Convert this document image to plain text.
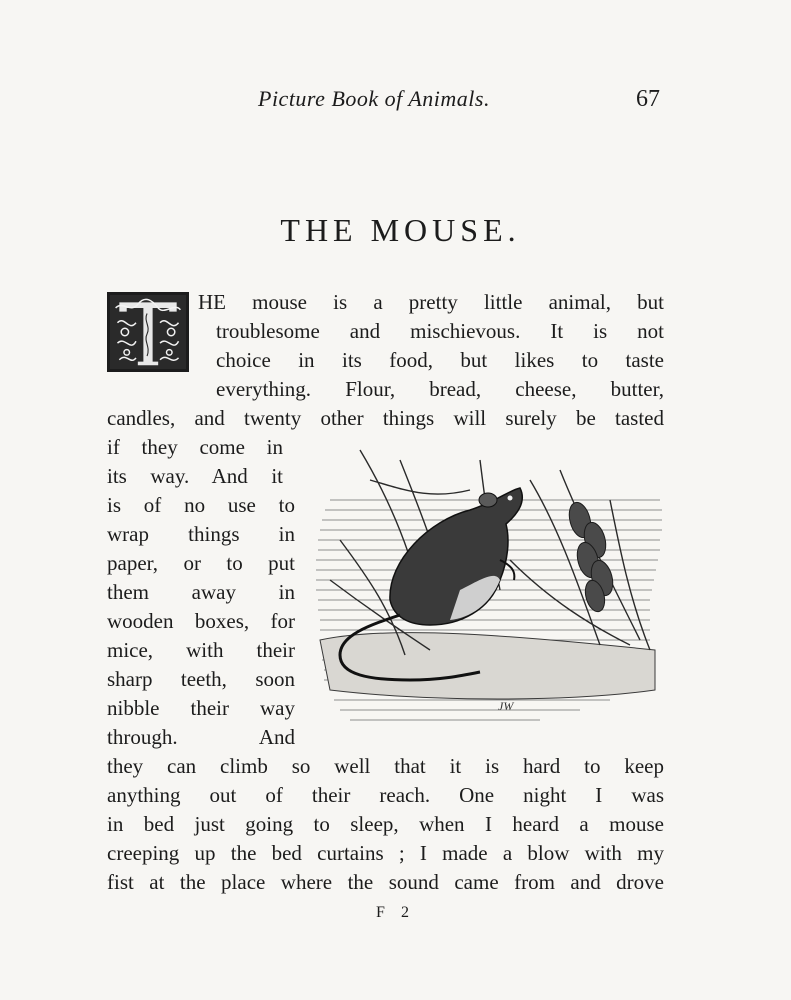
Picture Book of Animals.	67
THE MOUSE.
HE mouse is a pretty little animal, but
troublesome and mischievous. It is not
choice in its food, but likes to taste
everything. Flour, bread, cheese, butter,
candles, and twenty other things will surely be tasted
if they come in
its way. And it
is of no use to
wrap things in
paper, or to put
them away in
wooden boxes, for
mice, with their
sharp teeth, soon
nibble their way
through. And
they can climb so well that it is hard to keep
anything out of their reach. One night I was
in bed just going to sleep, when I heard a mouse
creeping up the bed curtains ; I made a blow with my
fist at the place where the sound came from and drove
JW
F 2
